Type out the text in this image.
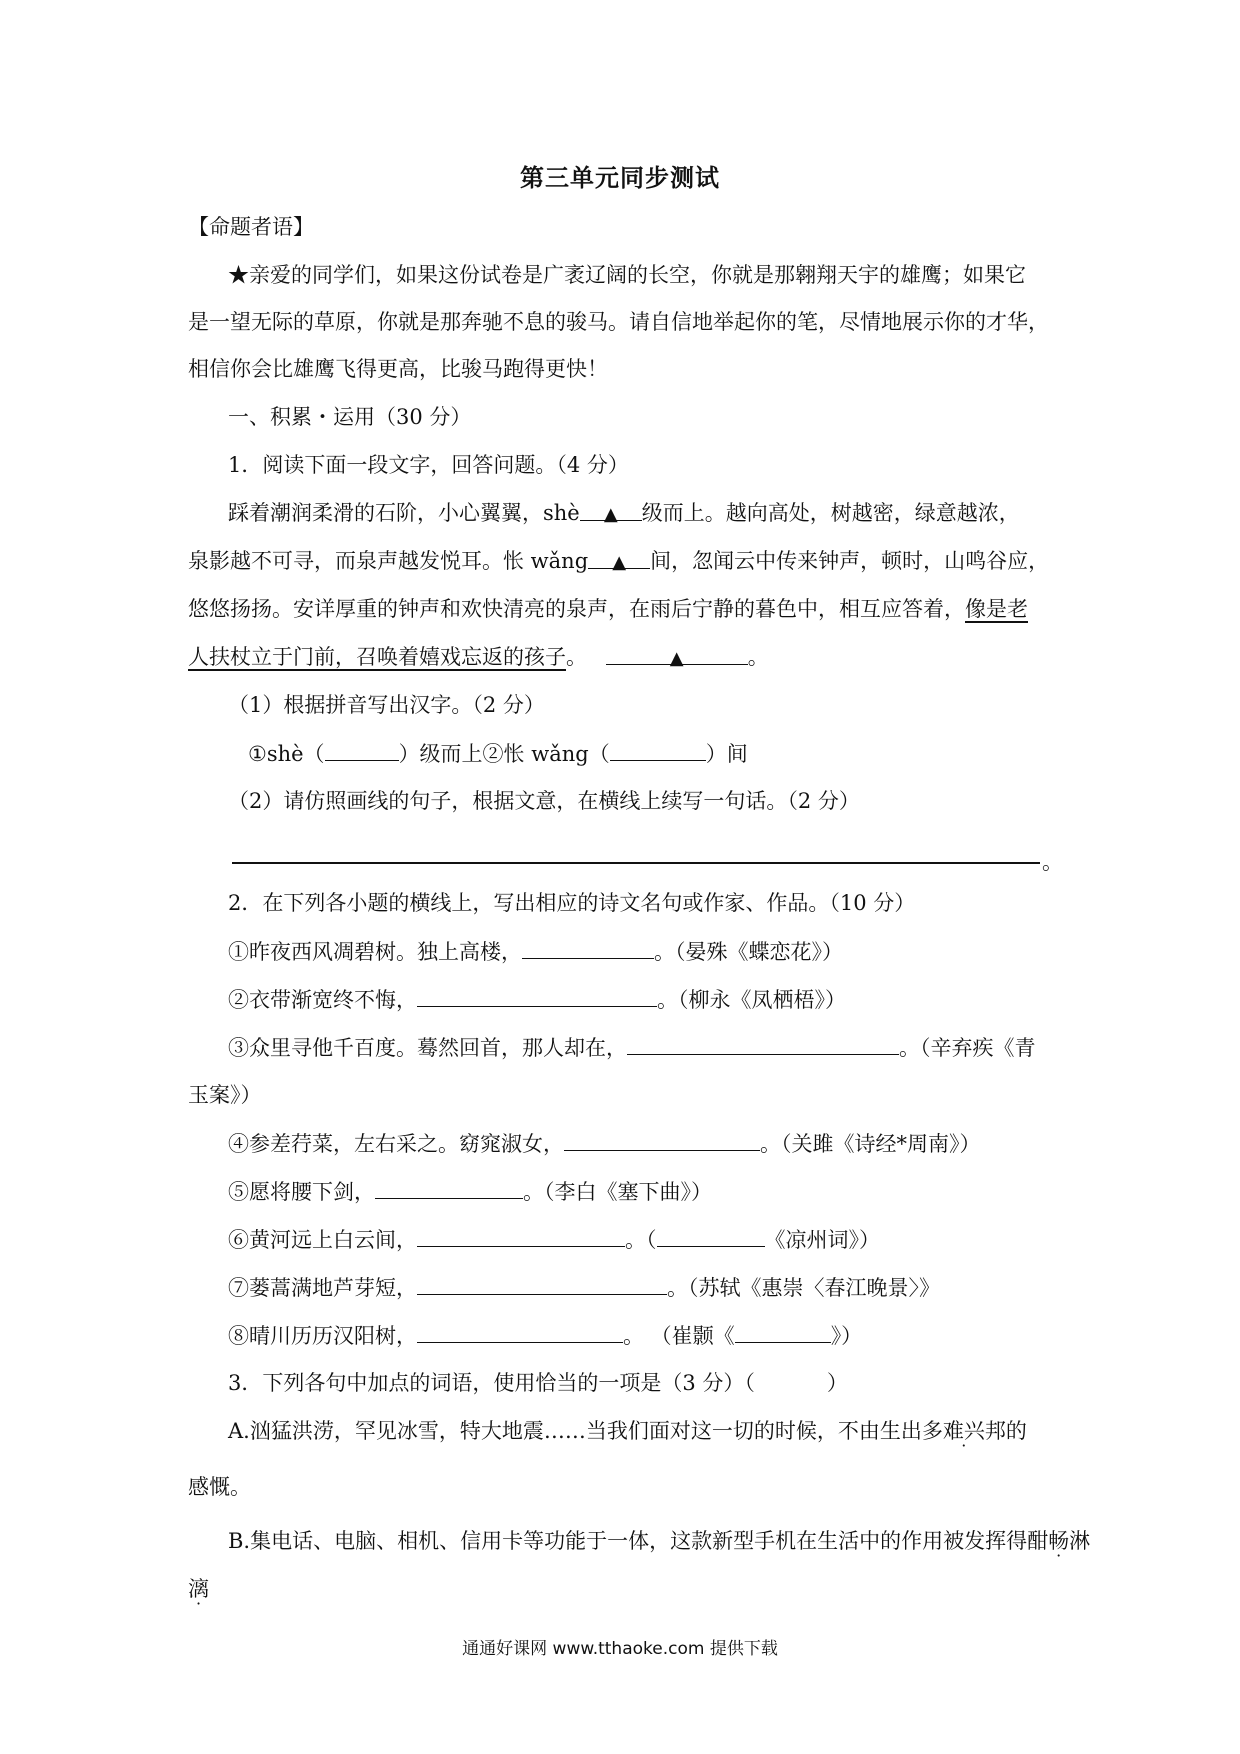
第三单元同步测试
【命题者语】
★亲爱的同学们，如果这份试卷是广袤辽阔的长空，你就是那翱翔天宇的雄鹰；如果它
是一望无际的草原，你就是那奔驰不息的骏马。请自信地举起你的笔，尽情地展示你的才华，
相信你会比雄鹰飞得更高，比骏马跑得更快！
一、积累・运用（30 分）
1．阅读下面一段文字，回答问题。（4 分）
踩着潮润柔滑的石阶，小心翼翼，shè ▲ 级而上。越向高处，树越密，绿意越浓，
泉影越不可寻，而泉声越发悦耳。怅 wǎng ▲ 间，忽闻云中传来钟声，顿时，山鸣谷应，
悠悠扬扬。安详厚重的钟声和欢快清亮的泉声，在雨后宁静的暮色中，相互应答着，像是老
人扶杖立于门前，召唤着嬉戏忘返的孩子。	▲	。
（1）根据拼音写出汉字。（2 分）
①shè（	）级而上②怅 wǎng（	）间
（2）请仿照画线的句子，根据文意，在横线上续写一句话。（2 分）
。
2．在下列各小题的横线上，写出相应的诗文名句或作家、作品。（10 分）
①昨夜西风凋碧树。独上高楼，	。（晏殊《蝶恋花》）
②衣带渐宽终不悔，	。（柳永《凤栖梧》）
③众里寻他千百度。蓦然回首，那人却在，	。（辛弃疾《青
玉案》）
④参差荇菜，左右采之。窈窕淑女，	。（关雎《诗经*周南》）
⑤愿将腰下剑，	。（李白《塞下曲》）
⑥黄河远上白云间，	。（	《凉州词》）
⑦蒌蒿满地芦芽短，	。（苏轼《惠崇〈春江晚景〉》
⑧晴川历历汉阳树，	。 （崔颢《	》）
3．下列各句中加点的词语，使用恰当的一项是（3 分）（	）
A.汹猛洪涝，罕见冰雪，特大地震……当我们面对这一切的时候，不由生出多难兴邦的
感慨。
B.集电话、电脑、相机、信用卡等功能于一体，这款新型手机在生活中的作用被发挥得酣畅淋
漓
通通好课网 www.tthaoke.com 提供下载
